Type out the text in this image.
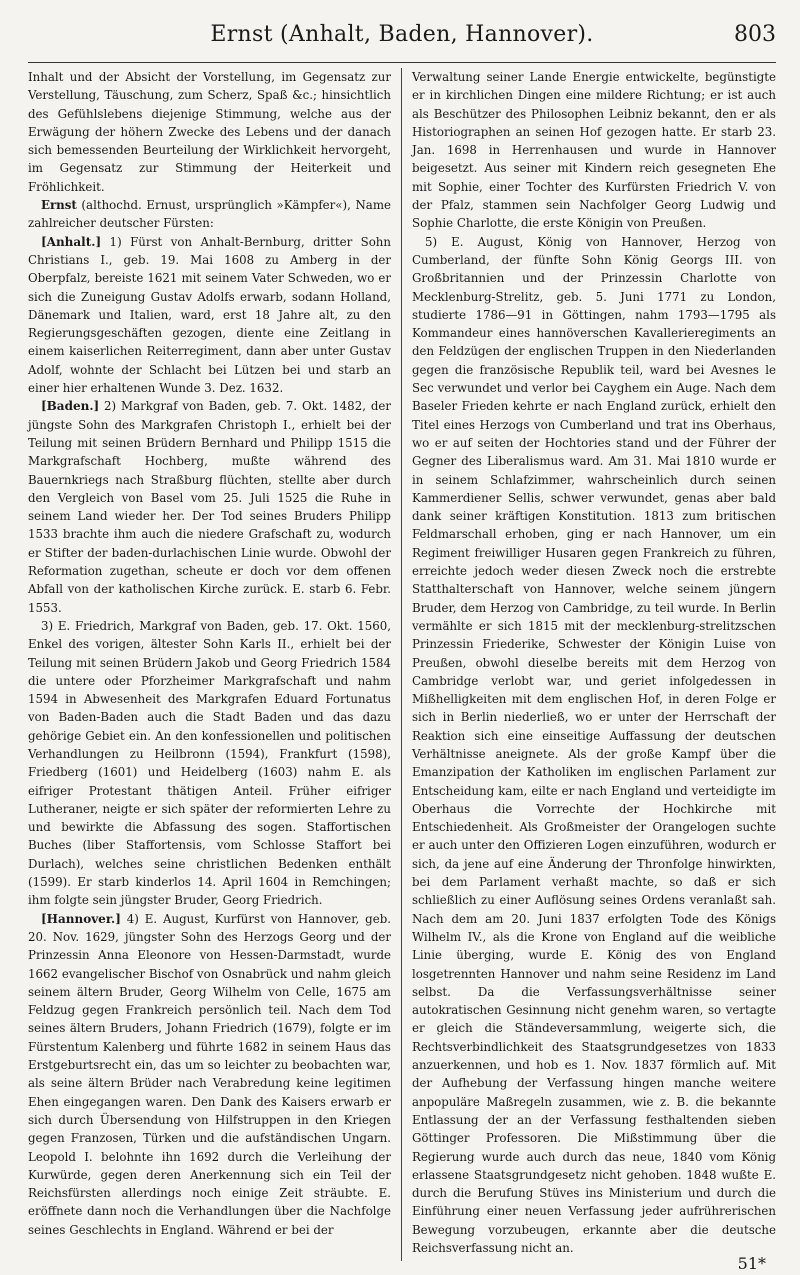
Ernst (Anhalt, Baden, Hannover).	803

Inhalt und der Absicht der Vorstellung, im Gegensatz zur Verstellung, Täuschung, zum Scherz, Spaß &c.; hinsichtlich des Gefühlslebens diejenige Stimmung, welche aus der Erwägung der höhern Zwecke des Lebens und der danach sich bemessenden Beurteilung der Wirklichkeit hervorgeht, im Gegensatz zur Stimmung der Heiterkeit und Fröhlichkeit.

Ernst (althochd. Ernust, ursprünglich »Kämpfer«), Name zahlreicher deutscher Fürsten:

[Anhalt.] 1) Fürst von Anhalt-Bernburg, dritter Sohn Christians I., geb. 19. Mai 1608 zu Amberg in der Oberpfalz, bereiste 1621 mit seinem Vater Schweden, wo er sich die Zuneigung Gustav Adolfs erwarb, sodann Holland, Dänemark und Italien, ward, erst 18 Jahre alt, zu den Regierungsgeschäften gezogen, diente eine Zeitlang in einem kaiserlichen Reiterregiment, dann aber unter Gustav Adolf, wohnte der Schlacht bei Lützen bei und starb an einer hier erhaltenen Wunde 3. Dez. 1632.

[Baden.] 2) Markgraf von Baden, geb. 7. Okt. 1482, der jüngste Sohn des Markgrafen Christoph I., erhielt bei der Teilung mit seinen Brüdern Bernhard und Philipp 1515 die Markgrafschaft Hochberg, mußte während des Bauernkriegs nach Straßburg flüchten, stellte aber durch den Vergleich von Basel vom 25. Juli 1525 die Ruhe in seinem Land wieder her. Der Tod seines Bruders Philipp 1533 brachte ihm auch die niedere Grafschaft zu, wodurch er Stifter der baden-durlachischen Linie wurde. Obwohl der Reformation zugethan, scheute er doch vor dem offenen Abfall von der katholischen Kirche zurück. E. starb 6. Febr. 1553.

3) E. Friedrich, Markgraf von Baden, geb. 17. Okt. 1560, Enkel des vorigen, ältester Sohn Karls II., erhielt bei der Teilung mit seinen Brüdern Jakob und Georg Friedrich 1584 die untere oder Pforzheimer Markgrafschaft und nahm 1594 in Abwesenheit des Markgrafen Eduard Fortunatus von Baden-Baden auch die Stadt Baden und das dazu gehörige Gebiet ein. An den konfessionellen und politischen Verhandlungen zu Heilbronn (1594), Frankfurt (1598), Friedberg (1601) und Heidelberg (1603) nahm E. als eifriger Protestant thätigen Anteil. Früher eifriger Lutheraner, neigte er sich später der reformierten Lehre zu und bewirkte die Abfassung des sogen. Staffortischen Buches (liber Staffortensis, vom Schlosse Staffort bei Durlach), welches seine christlichen Bedenken enthält (1599). Er starb kinderlos 14. April 1604 in Remchingen; ihm folgte sein jüngster Bruder, Georg Friedrich.

[Hannover.] 4) E. August, Kurfürst von Hannover, geb. 20. Nov. 1629, jüngster Sohn des Herzogs Georg und der Prinzessin Anna Eleonore von Hessen-Darmstadt, wurde 1662 evangelischer Bischof von Osnabrück und nahm gleich seinem ältern Bruder, Georg Wilhelm von Celle, 1675 am Feldzug gegen Frankreich persönlich teil. Nach dem Tod seines ältern Bruders, Johann Friedrich (1679), folgte er im Fürstentum Kalenberg und führte 1682 in seinem Haus das Erstgeburtsrecht ein, das um so leichter zu beobachten war, als seine ältern Brüder nach Verabredung keine legitimen Ehen eingegangen waren. Den Dank des Kaisers erwarb er sich durch Übersendung von Hilfstruppen in den Kriegen gegen Franzosen, Türken und die aufständischen Ungarn. Leopold I. belohnte ihn 1692 durch die Verleihung der Kurwürde, gegen deren Anerkennung sich ein Teil der Reichsfürsten allerdings noch einige Zeit sträubte. E. eröffnete dann noch die Verhandlungen über die Nachfolge seines Geschlechts in England. Während er bei der

Verwaltung seiner Lande Energie entwickelte, begünstigte er in kirchlichen Dingen eine mildere Richtung; er ist auch als Beschützer des Philosophen Leibniz bekannt, den er als Historiographen an seinen Hof gezogen hatte. Er starb 23. Jan. 1698 in Herrenhausen und wurde in Hannover beigesetzt. Aus seiner mit Kindern reich gesegneten Ehe mit Sophie, einer Tochter des Kurfürsten Friedrich V. von der Pfalz, stammen sein Nachfolger Georg Ludwig und Sophie Charlotte, die erste Königin von Preußen.

5) E. August, König von Hannover, Herzog von Cumberland, der fünfte Sohn König Georgs III. von Großbritannien und der Prinzessin Charlotte von Mecklenburg-Strelitz, geb. 5. Juni 1771 zu London, studierte 1786—91 in Göttingen, nahm 1793—1795 als Kommandeur eines hannöverschen Kavallerieregiments an den Feldzügen der englischen Truppen in den Niederlanden gegen die französische Republik teil, ward bei Avesnes le Sec verwundet und verlor bei Cayghem ein Auge. Nach dem Baseler Frieden kehrte er nach England zurück, erhielt den Titel eines Herzogs von Cumberland und trat ins Oberhaus, wo er auf seiten der Hochtories stand und der Führer der Gegner des Liberalismus ward. Am 31. Mai 1810 wurde er in seinem Schlafzimmer, wahrscheinlich durch seinen Kammerdiener Sellis, schwer verwundet, genas aber bald dank seiner kräftigen Konstitution. 1813 zum britischen Feldmarschall erhoben, ging er nach Hannover, um ein Regiment freiwilliger Husaren gegen Frankreich zu führen, erreichte jedoch weder diesen Zweck noch die erstrebte Statthalterschaft von Hannover, welche seinem jüngern Bruder, dem Herzog von Cambridge, zu teil wurde. In Berlin vermählte er sich 1815 mit der mecklenburg-strelitzschen Prinzessin Friederike, Schwester der Königin Luise von Preußen, obwohl dieselbe bereits mit dem Herzog von Cambridge verlobt war, und geriet infolgedessen in Mißhelligkeiten mit dem englischen Hof, in deren Folge er sich in Berlin niederließ, wo er unter der Herrschaft der Reaktion sich eine einseitige Auffassung der deutschen Verhältnisse aneignete. Als der große Kampf über die Emanzipation der Katholiken im englischen Parlament zur Entscheidung kam, eilte er nach England und verteidigte im Oberhaus die Vorrechte der Hochkirche mit Entschiedenheit. Als Großmeister der Orangelogen suchte er auch unter den Offizieren Logen einzuführen, wodurch er sich, da jene auf eine Änderung der Thronfolge hinwirkten, bei dem Parlament verhaßt machte, so daß er sich schließlich zu einer Auflösung seines Ordens veranlaßt sah. Nach dem am 20. Juni 1837 erfolgten Tode des Königs Wilhelm IV., als die Krone von England auf die weibliche Linie überging, wurde E. König des von England losgetrennten Hannover und nahm seine Residenz im Land selbst. Da die Verfassungsverhältnisse seiner autokratischen Gesinnung nicht genehm waren, so vertagte er gleich die Ständeversammlung, weigerte sich, die Rechtsverbindlichkeit des Staatsgrundgesetzes von 1833 anzuerkennen, und hob es 1. Nov. 1837 förmlich auf. Mit der Aufhebung der Verfassung hingen manche weitere anpopuläre Maßregeln zusammen, wie z. B. die bekannte Entlassung der an der Verfassung festhaltenden sieben Göttinger Professoren. Die Mißstimmung über die Regierung wurde auch durch das neue, 1840 vom König erlassene Staatsgrundgesetz nicht gehoben. 1848 wußte E. durch die Berufung Stüves ins Ministerium und durch die Einführung einer neuen Verfassung jeder aufrührerischen Bewegung vorzubeugen, erkannte aber die deutsche Reichsverfassung nicht an.

51*
